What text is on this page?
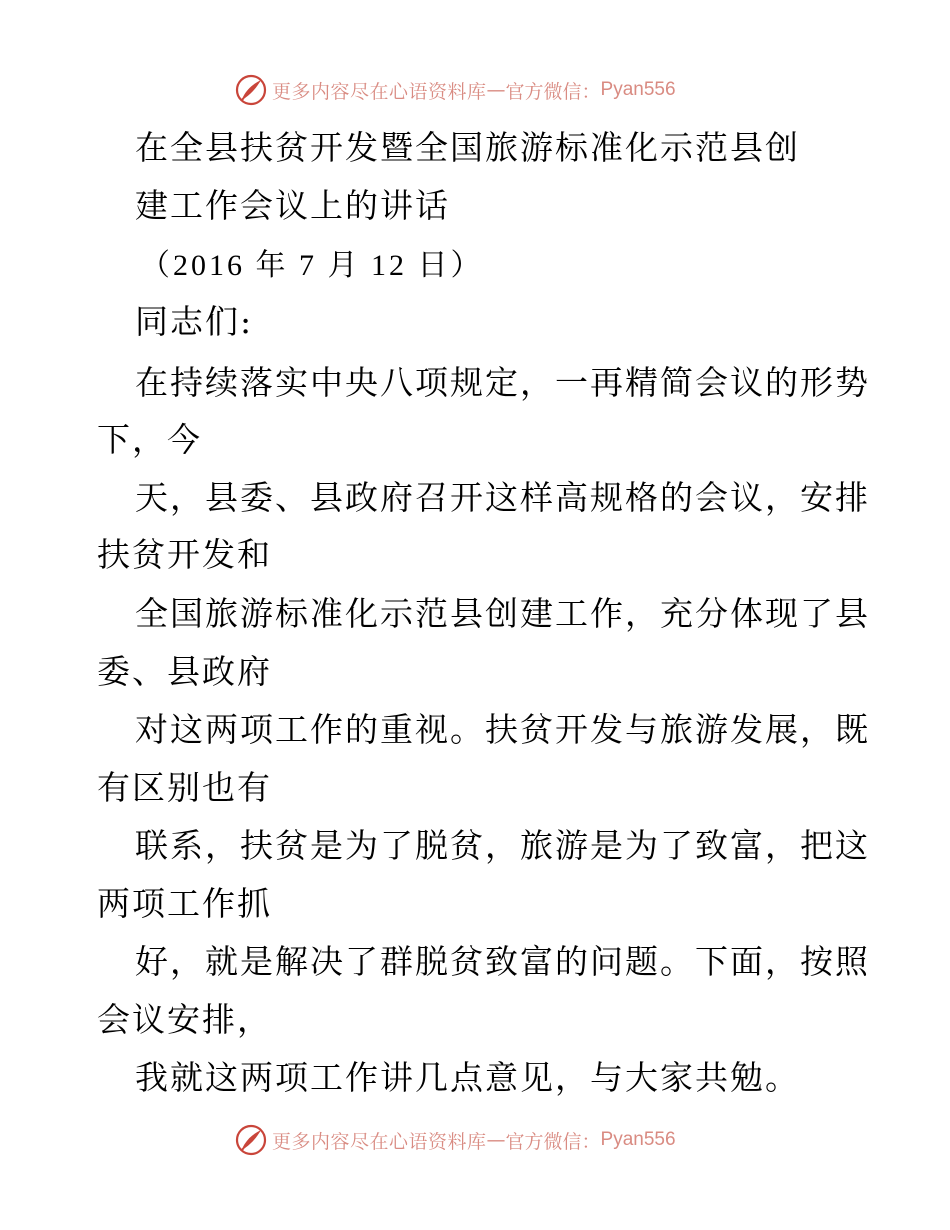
更多内容尽在心语资料库 — 官方微信： Pyan556
在全县扶贫开发暨全国旅游标准化示范县创
建工作会议上的讲话
（2016 年 7 月 12 日）
同志们:
在持续落实中央八项规定，一再精简会议的形势
下，今
天，县委、县政府召开这样高规格的会议，安排
扶贫开发和
全国旅游标准化示范县创建工作，充分体现了县
委、县政府
对这两项工作的重视。扶贫开发与旅游发展，既
有区别也有
联系，扶贫是为了脱贫，旅游是为了致富，把这
两项工作抓
好，就是解决了群脱贫致富的问题。下面，按照
会议安排，
我就这两项工作讲几点意见，与大家共勉。
更多内容尽在心语资料库 — 官方微信： Pyan556
